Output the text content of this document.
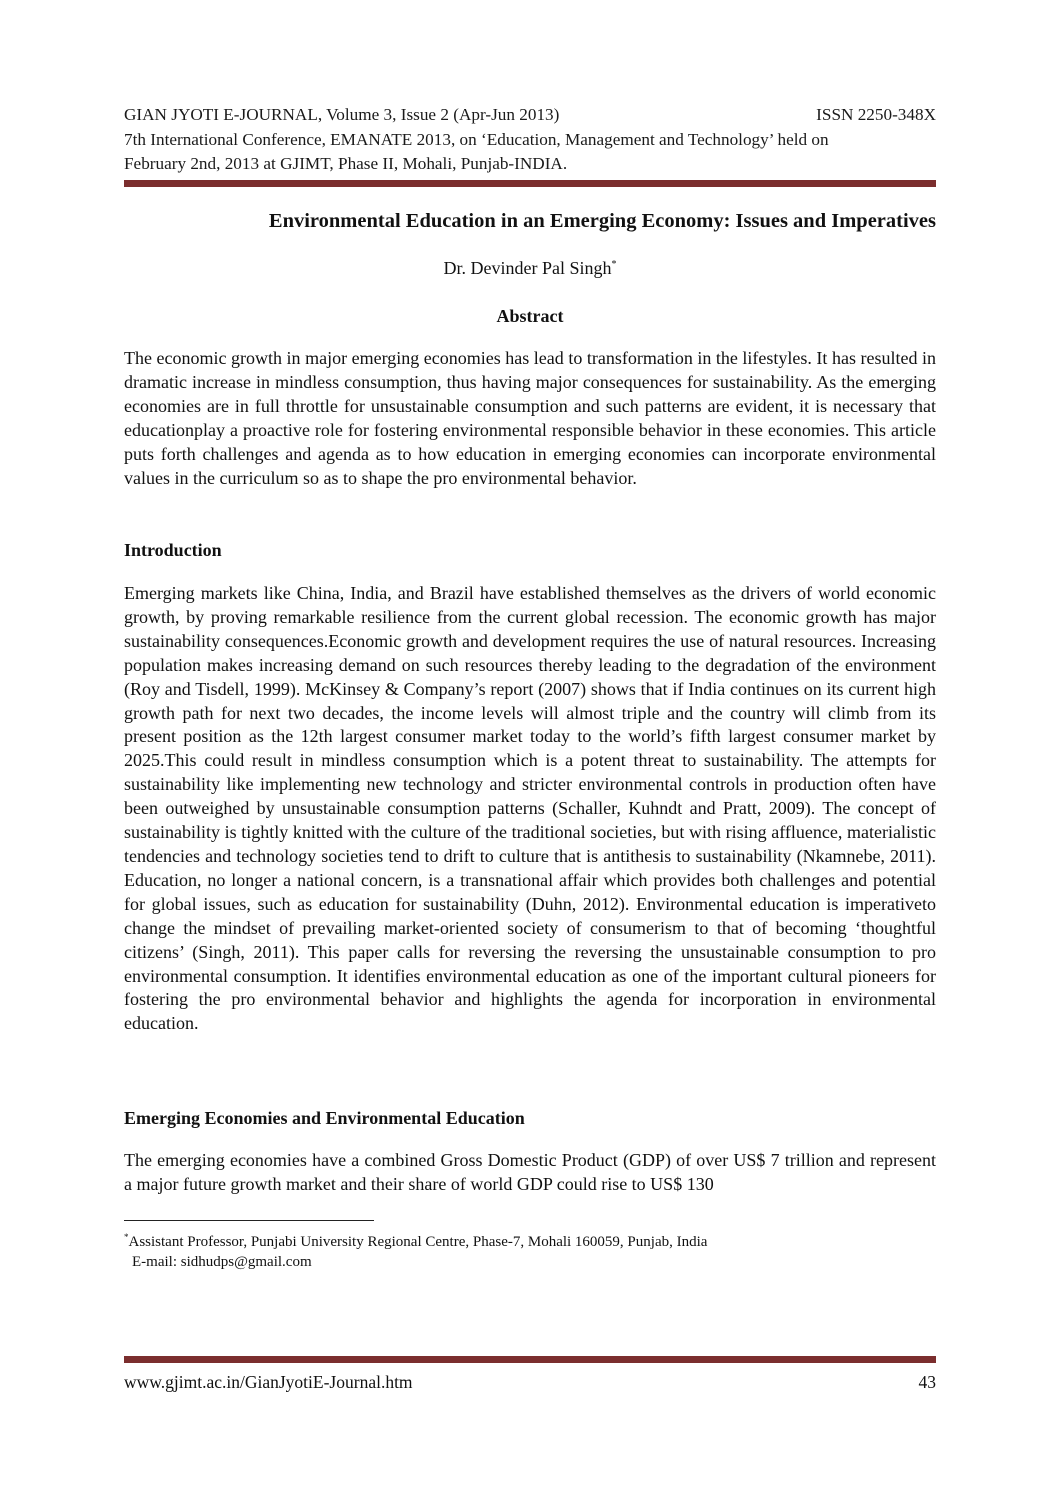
GIAN JYOTI E-JOURNAL, Volume 3, Issue 2 (Apr-Jun 2013)	ISSN 2250-348X
7th International Conference, EMANATE 2013, on ‘Education, Management and Technology’ held on
February 2nd, 2013 at GJIMT, Phase II, Mohali, Punjab-INDIA.
Environmental Education in an Emerging Economy: Issues and Imperatives
Dr. Devinder Pal Singh*
Abstract
The economic growth in major emerging economies has lead to transformation in the lifestyles. It has resulted in dramatic increase in mindless consumption, thus having major consequences for sustainability. As the emerging economies are in full throttle for unsustainable consumption and such patterns are evident, it is necessary that educationplay a proactive role for fostering environmental responsible behavior in these economies. This article puts forth challenges and agenda as to how education in emerging economies can incorporate environmental values in the curriculum so as to shape the pro environmental behavior.
Introduction
Emerging markets like China, India, and Brazil have established themselves as the drivers of world economic growth, by proving remarkable resilience from the current global recession. The economic growth has major sustainability consequences.Economic growth and development requires the use of natural resources. Increasing population makes increasing demand on such resources thereby leading to the degradation of the environment (Roy and Tisdell, 1999). McKinsey & Company’s report (2007) shows that if India continues on its current high growth path for next two decades, the income levels will almost triple and the country will climb from its present position as the 12th largest consumer market today to the world’s fifth largest consumer market by 2025.This could result in mindless consumption which is a potent threat to sustainability. The attempts for sustainability like implementing new technology and stricter environmental controls in production often have been outweighed by unsustainable consumption patterns (Schaller, Kuhndt and Pratt, 2009). The concept of sustainability is tightly knitted with the culture of the traditional societies, but with rising affluence, materialistic tendencies and technology societies tend to drift to culture that is antithesis to sustainability (Nkamnebe, 2011). Education, no longer a national concern, is a transnational affair which provides both challenges and potential for global issues, such as education for sustainability (Duhn, 2012). Environmental education is imperativeto change the mindset of prevailing market-oriented society of consumerism to that of becoming ‘thoughtful citizens’ (Singh, 2011). This paper calls for reversing the reversing the unsustainable consumption to pro environmental consumption. It identifies environmental education as one of the important cultural pioneers for fostering the pro environmental behavior and highlights the agenda for incorporation in environmental education.
Emerging Economies and Environmental Education
The emerging economies have a combined Gross Domestic Product (GDP) of over US$ 7 trillion and represent a major future growth market and their share of world GDP could rise to US$ 130
*Assistant Professor, Punjabi University Regional Centre, Phase-7, Mohali 160059, Punjab, India
E-mail: sidhudps@gmail.com
www.gjimt.ac.in/GianJyotiE-Journal.htm	43
